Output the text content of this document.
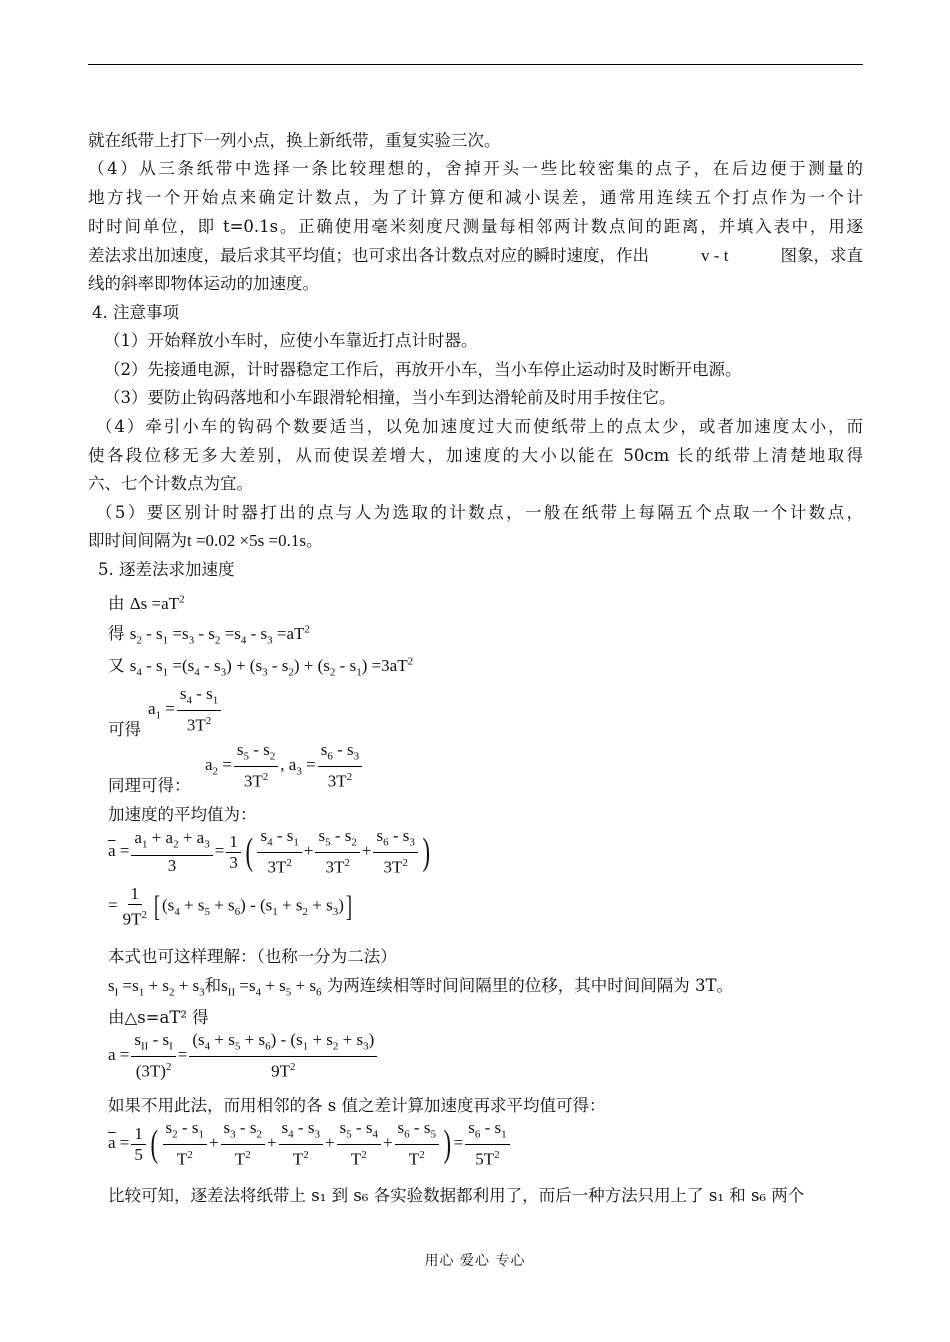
就在纸带上打下一列小点，换上新纸带，重复实验三次。
（4）从三条纸带中选择一条比较理想的，舍掉开头一些比较密集的点子，在后边便于测量的
地方找一个开始点来确定计数点，为了计算方便和减小误差，通常用连续五个打点作为一个计
时时间单位，即 t=0.1s。正确使用毫米刻度尺测量每相邻两计数点间的距离，并填入表中，用逐
差法求出加速度，最后求其平均值；也可求出各计数点对应的瞬时速度，作出	v - t	图象，求直
线的斜率即物体运动的加速度。
4. 注意事项
（1）开始释放小车时，应使小车靠近打点计时器。
（2）先接通电源，计时器稳定工作后，再放开小车，当小车停止运动时及时断开电源。
（3）要防止钩码落地和小车跟滑轮相撞，当小车到达滑轮前及时用手按住它。
（4）牵引小车的钩码个数要适当，以免加速度过大而使纸带上的点太少，或者加速度太小，而
使各段位移无多大差别，从而使误差增大，加速度的大小以能在 50cm 长的纸带上清楚地取得
六、七个计数点为宜。
（5）要区别计时器打出的点与人为选取的计数点，一般在纸带上每隔五个点取一个计数点，
即时间间隔为t =0.02 ×5s =0.1s。
5. 逐差法求加速度
由 $\Delta s =aT^2$
得 $s_2 - s_1 =s_3 - s_2 =s_4 - s_3 =aT^2$
又 $s_4 - s_1 =(s_4 - s_3) + (s_3 - s_2) + (s_2 - s_1) =3aT^2$
$a_1 = \frac{s_4 - s_1}{3T^2}$
可得
$a_2 = \frac{s_5 - s_2}{3T^2}$ , $a_3 = \frac{s_6 - s_3}{3T^2}$
同理可得：
加速度的平均值为：
$\overline{a} = \frac{a_1 + a_2 + a_3}{3} = \frac{1}{3}$ ( $\frac{s_4 - s_1}{3T^2} + \frac{s_5 - s_2}{3T^2} + \frac{s_6 - s_3}{3T^2}$ )
= $\frac{1}{9T^2}$ [ $(s_4 + s_5 + s_6) - (s_1 + s_2 + s_3)$]
本式也可这样理解：（也称一分为二法）
$s_I =s_1 + s_2 + s_3$和$s_{II} =s_4 + s_5 + s_6$ 为两连续相等时间间隔里的位移，其中时间间隔为 3T。
由△s=aT² 得
$a = \frac{s_{II} - s_I}{(3T)^2} = \frac{(s_4 + s_5 + s_6) - (s_1 + s_2 + s_3)}{9T^2}$
如果不用此法，而用相邻的各 s 值之差计算加速度再求平均值可得：
$\overline{a} = \frac{1}{5}$ ( $\frac{s_2 - s_1}{T^2} + \frac{s_3 - s_2}{T^2} + \frac{s_4 - s_3}{T^2} + \frac{s_5 - s_4}{T^2} + \frac{s_6 - s_5}{T^2}$ ) = $\frac{s_6 - s_1}{5T^2}$
比较可知，逐差法将纸带上 s₁ 到 s₆ 各实验数据都利用了，而后一种方法只用上了 s₁ 和 s₆ 两个
用心 爱心 专心
